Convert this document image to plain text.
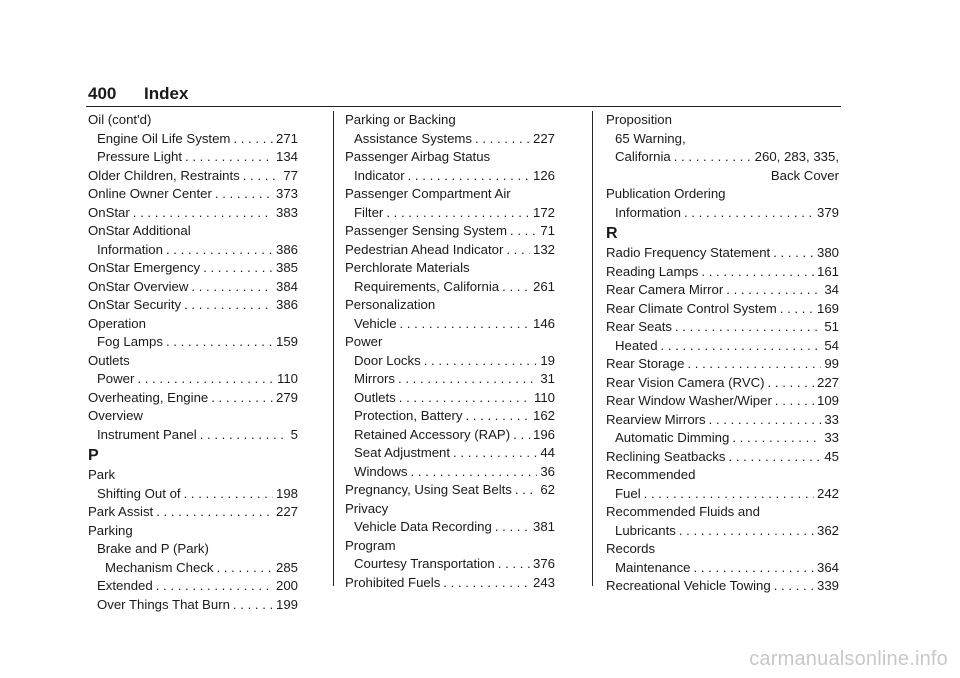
400 Index
Oil (cont'd)
Engine Oil Life System . . .	271
Pressure Light . . .	134
Older Children, Restraints . . .	77
Online Owner Center . . .	373
OnStar . . .	383
OnStar Additional
Information . . .	386
OnStar Emergency . . .	385
OnStar Overview . . .	384
OnStar Security . . .	386
Operation
Fog Lamps . . .	159
Outlets
Power . . .	110
Overheating, Engine . . .	279
Overview
Instrument Panel . . .	5
P
Park
Shifting Out of . . .	198
Park Assist . . .	227
Parking
Brake and P (Park)
Mechanism Check . . .	285
Extended . . .	200
Over Things That Burn . . .	199
Parking or Backing
Assistance Systems . . .	227
Passenger Airbag Status
Indicator . . .	126
Passenger Compartment Air
Filter . . .	172
Passenger Sensing System . . .	71
Pedestrian Ahead Indicator . . . 132
Perchlorate Materials
Requirements, California . . .	261
Personalization
Vehicle . . .	146
Power
Door Locks . . .	19
Mirrors . . .	31
Outlets . . .	110
Protection, Battery . . .	162
Retained Accessory (RAP) . . . 196
Seat Adjustment . . .	44
Windows . . .	36
Pregnancy, Using Seat Belts . . . 62
Privacy
Vehicle Data Recording . . .	381
Program
Courtesy Transportation . . .	376
Prohibited Fuels . . .	243
Proposition
65 Warning,
California . . .	260, 283, 335,
Back Cover
Publication Ordering
Information . . .	379
R
Radio Frequency Statement . . .	380
Reading Lamps . . .	161
Rear Camera Mirror . . .	34
Rear Climate Control System . . .	169
Rear Seats . . .	51
Heated . . .	54
Rear Storage . . .	99
Rear Vision Camera (RVC) . . .	227
Rear Window Washer/Wiper . . .	109
Rearview Mirrors . . .	33
Automatic Dimming . . .	33
Reclining Seatbacks . . .	45
Recommended
Fuel . . .	242
Recommended Fluids and
Lubricants . . .	362
Records
Maintenance . . .	364
Recreational Vehicle Towing . . .	339
carmanualsonline.info
